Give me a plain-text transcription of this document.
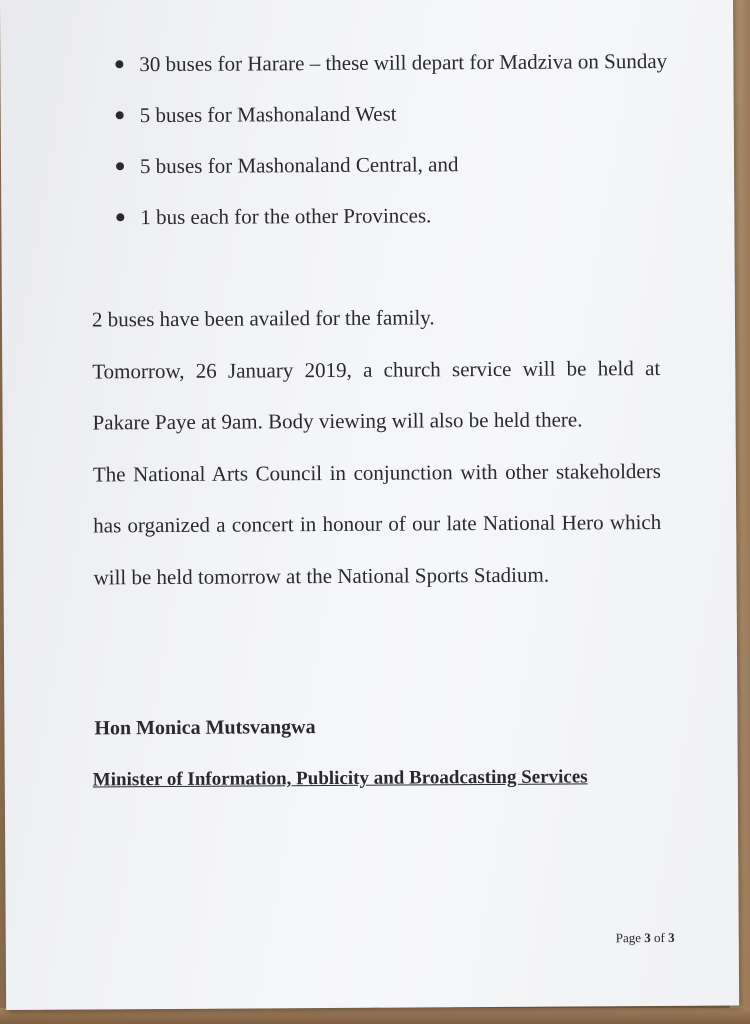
30 buses for Harare – these will depart for Madziva on Sunday
5 buses for Mashonaland West
5 buses for Mashonaland Central, and
1 bus each for the other Provinces.

2 buses have been availed for the family.

Tomorrow, 26 January 2019, a church service will be held at Pakare Paye at 9am. Body viewing will also be held there.

The National Arts Council in conjunction with other stakeholders has organized a concert in honour of our late National Hero which will be held tomorrow at the National Sports Stadium.

Hon Monica Mutsvangwa

Minister of Information, Publicity and Broadcasting Services

Page 3 of 3
